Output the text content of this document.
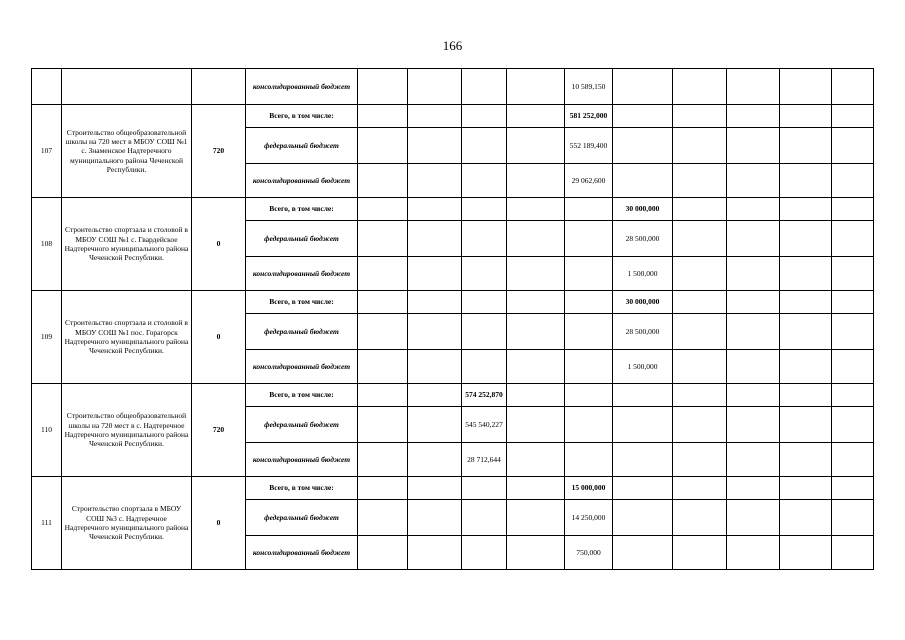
166
			консолидированный бюджет					10 589,150					
107	Строительство общеобразовательной школы на 720 мест в МБОУ СОШ №1 с. Знаменское Надтеречного муниципального района Чеченской Республики.	720	Всего, в том числе:					581 252,000					
			федеральный бюджет					552 189,400					
			консолидированный бюджет					29 062,600					
108	Строительство спортзала и столовой в МБОУ СОШ №1 с. Гвардейское Надтеречного муниципального района Чеченской Республики.	0	Всего, в том числе:						30 000,000				
			федеральный бюджет						28 500,000				
			консолидированный бюджет						1 500,000				
109	Строительство спортзала и столовой в МБОУ СОШ №1 пос. Горагорск Надтеречного муниципального района Чеченской Республики.	0	Всего, в том числе:						30 000,000				
			федеральный бюджет						28 500,000				
			консолидированный бюджет						1 500,000				
110	Строительство общеобразовательной школы на 720 мест в с. Надтеречное Надтеречного муниципального района Чеченской Республики.	720	Всего, в том числе:			574 252,870							
			федеральный бюджет			545 540,227							
			консолидированный бюджет			28 712,644							
111	Строительство спортзала в МБОУ СОШ №3 с. Надтеречное Надтеречного муниципального района Чеченской Республики.	0	Всего, в том числе:					15 000,000					
			федеральный бюджет					14 250,000					
			консолидированный бюджет					750,000					
